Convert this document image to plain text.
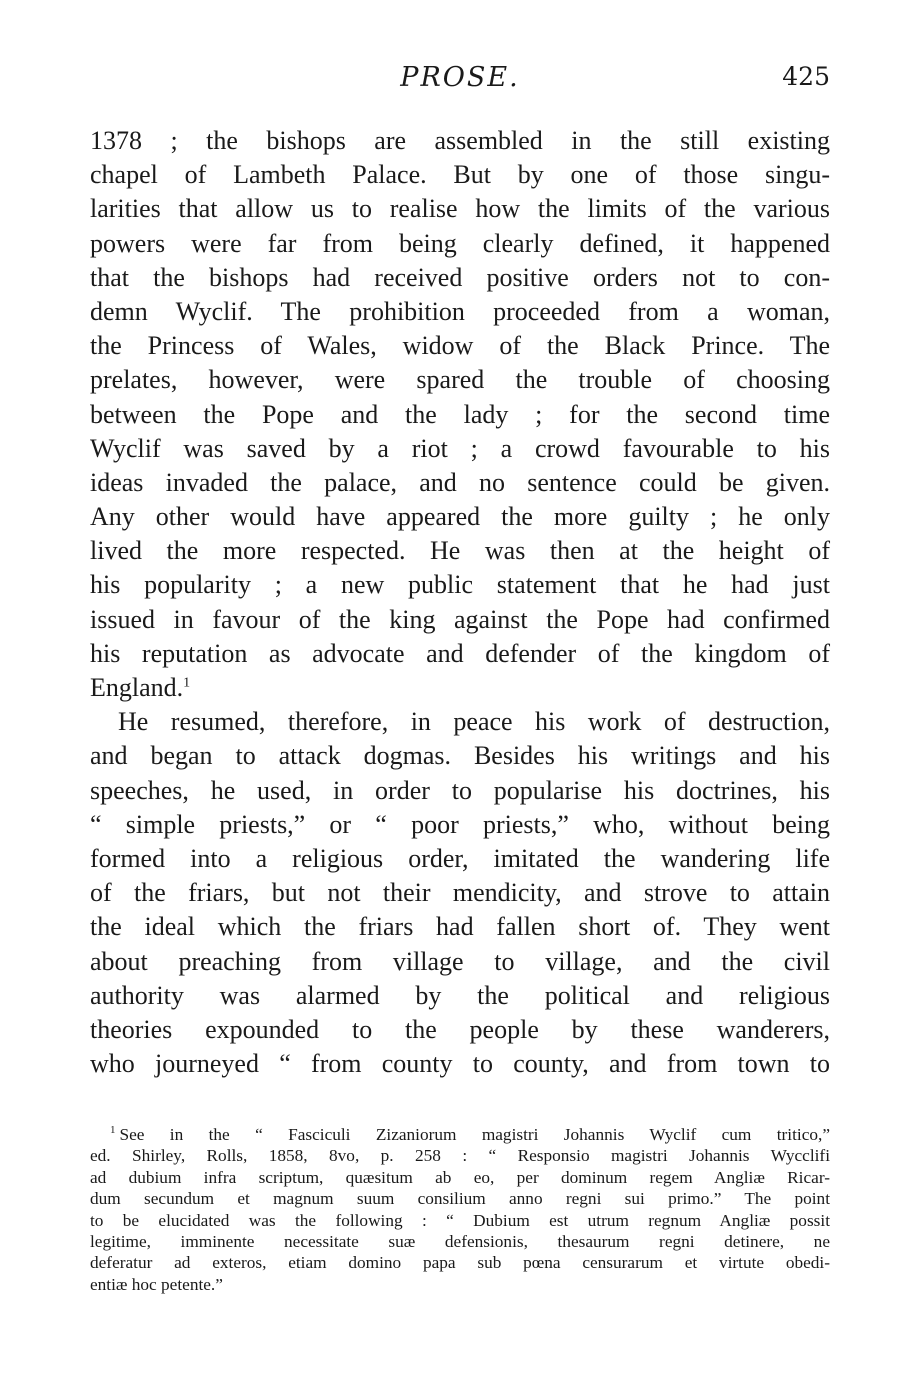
PROSE.	425
1378 ; the bishops are assembled in the still existing
chapel of Lambeth Palace. But by one of those singu-
larities that allow us to realise how the limits of the various
powers were far from being clearly defined, it happened
that the bishops had received positive orders not to con-
demn Wyclif. The prohibition proceeded from a woman,
the Princess of Wales, widow of the Black Prince. The
prelates, however, were spared the trouble of choosing
between the Pope and the lady ; for the second time
Wyclif was saved by a riot ; a crowd favourable to his
ideas invaded the palace, and no sentence could be given.
Any other would have appeared the more guilty ; he only
lived the more respected. He was then at the height of
his popularity ; a new public statement that he had just
issued in favour of the king against the Pope had confirmed
his reputation as advocate and defender of the kingdom of
England.$^1$
He resumed, therefore, in peace his work of destruction,
and began to attack dogmas. Besides his writings and his
speeches, he used, in order to popularise his doctrines, his
“ simple priests,” or “ poor priests,” who, without being
formed into a religious order, imitated the wandering life
of the friars, but not their mendicity, and strove to attain
the ideal which the friars had fallen short of. They went
about preaching from village to village, and the civil
authority was alarmed by the political and religious
theories expounded to the people by these wanderers,
who journeyed “ from county to county, and from town to
$^1$ See in the “ Fasciculi Zizaniorum magistri Johannis Wyclif cum tritico,”
ed. Shirley, Rolls, 1858, 8vo, p. 258 : “ Responsio magistri Johannis Wycclifi
ad dubium infra scriptum, quæsitum ab eo, per dominum regem Angliæ Ricar-
dum secundum et magnum suum consilium anno regni sui primo.” The point
to be elucidated was the following : “ Dubium est utrum regnum Angliæ possit
legitime, imminente necessitate suæ defensionis, thesaurum regni detinere, ne
deferatur ad exteros, etiam domino papa sub pœna censurarum et virtute obedi-
entiæ hoc petente.”
